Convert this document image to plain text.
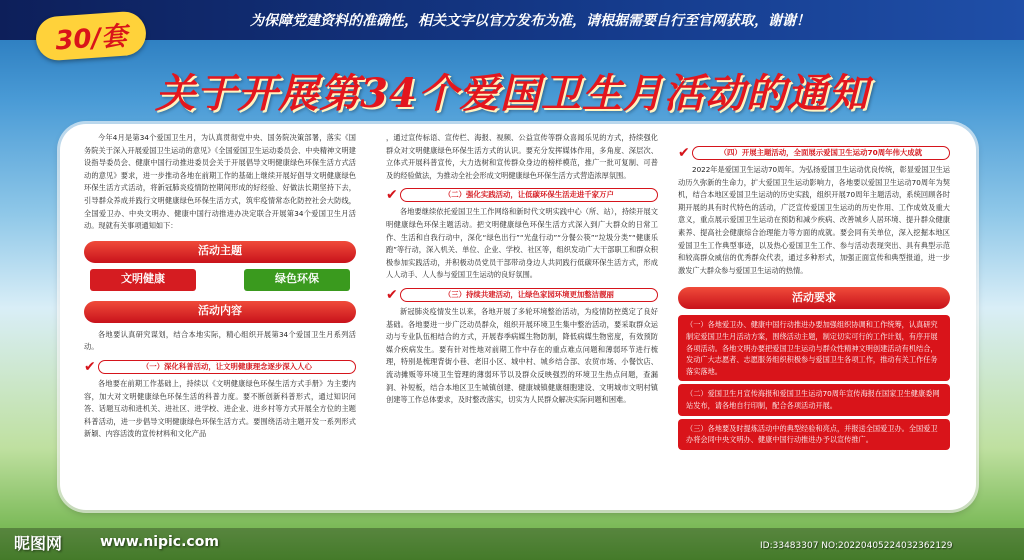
30/套
为保障党建资料的准确性，相关文字以官方发布为准，请根据需要自行至官网获取，谢谢！
关于开展第34个爱国卫生月活动的通知

今年4月是第34个爱国卫生月，为认真贯彻党中央、国务院决策部署，落实《国务院关于深入开展爱国卫生运动的意见》《全国爱国卫生运动委员会、中央精神文明建设指导委员会、健康中国行动推进委员会关于开展倡导文明健康绿色环保生活方式活动的意见》要求，进一步推动各地在前期工作的基础上继续开展好倡导文明健康绿色环保生活方式活动，将新冠肺炎疫情防控期间形成的好经验、好做法长期坚持下去，引导群众养成并践行文明健康绿色环保生活方式，筑牢疫情常态化防控社会大防线，全国爱卫办、中央文明办、健康中国行动推进办决定联合开展第34个爱国卫生月活动。现就有关事项通知如下：

活动主题
文明健康	绿色环保
活动内容

各地要认真研究谋划，结合本地实际，精心组织开展第34个爱国卫生月系列活动。

✔	（一）深化科普活动，让文明健康理念逐步深入人心

各地要在前期工作基础上，持续以《文明健康绿色环保生活方式手册》为主要内容，加大对文明健康绿色环保生活的科普力度。要不断创新科普形式，通过知识问答、话题互动和进机关、进社区、进学校、进企业、进乡村等方式开展全方位的主题科普活动，进一步倡导文明健康绿色环保生活方式。要围绕活动主题开发一系列形式新颖、内容活泼的宣传材料和文化产品

，通过宣传标语、宣传栏、海报、视频、公益宣传等群众喜闻乐见的方式，持续强化群众对文明健康绿色环保生活方式的认识。要充分发挥媒体作用，多角度、深层次、立体式开展科普宣传，大力选树和宣传群众身边的榜样模范，推广一批可复制、可普及的经验做法，为推动全社会形成文明健康绿色环保生活方式营造浓厚氛围。

✔	（二）强化实践活动，让低碳环保生活走进千家万户

各地要继续依托爱国卫生工作网络和新时代文明实践中心（所、站），持续开展文明健康绿色环保主题活动。把文明健康绿色环保生活方式深入到广大群众的日常工作、生活和自我行动中，深化“绿色出行”“光盘行动”“分餐公筷”“垃圾分类”“健康乐跑”等行动，深入机关、单位、企业、学校、社区等，组织发动广大干部职工和群众积极参加实践活动，并积极动员党员干部带动身边人共同践行低碳环保生活方式，形成人人动手、人人参与爱国卫生运动的良好氛围。

✔	（三）持续共建活动，让绿色家园环境更加整洁靓丽

新冠肺炎疫情发生以来，各地开展了多轮环境整治活动，为疫情防控奠定了良好基础。各地要进一步广泛动员群众，组织开展环境卫生集中整治活动，要采取群众运动与专业队伍相结合的方式，开展春季病媒生物防制，降低病媒生物密度，有效预防媒介疾病发生。要有针对性地对前期工作中存在的重点难点问题和薄弱环节进行梳理，特别是梳理背街小巷、老旧小区、城中村、城乡结合部、农贸市场、小餐饮店、流动摊贩等环境卫生管理的薄弱环节以及群众反映强烈的环境卫生热点问题，查漏洞、补短板，结合本地区卫生城镇创建、健康城镇健康细胞建设、文明城市文明村镇创建等工作总体要求，及时整改落实，切实为人民群众解决实际问题和困难。

✔	（四）开展主题活动，全面展示爱国卫生运动70周年伟大成就

2022年是爱国卫生运动70周年。为弘扬爱国卫生运动优良传统，彰显爱国卫生运动历久弥新的生命力，扩大爱国卫生运动影响力，各地要以爱国卫生运动70周年为契机，结合本地区爱国卫生运动的历史实践，组织开展70周年主题活动，系统回顾各时期开展的具有时代特色的活动，广泛宣传爱国卫生运动的历史作用、工作成效及重大意义，重点展示爱国卫生运动在预防和减少疾病、改善城乡人居环境、提升群众健康素养、提高社会健康综合治理能力等方面的成就。要会同有关单位，深入挖掘本地区爱国卫生工作典型事迹，以及热心爱国卫生工作、参与活动表现突出、具有典型示范和较高群众威信的优秀群众代表，通过多种形式，加强正面宣传和典型报道，进一步激发广大群众参与爱国卫生运动的热情。

活动要求
（一）各地爱卫办、健康中国行动推进办要加强组织协调和工作统筹，认真研究制定爱国卫生月活动方案，围绕活动主题，制定切实可行的工作计划，有序开展各项活动。各地文明办要把爱国卫生运动与群众性精神文明创建活动有机结合，发动广大志愿者、志愿服务组织积极参与爱国卫生各项工作，推动有关工作任务落实落地。
（二）爱国卫生月宣传海报和爱国卫生运动70周年宣传海报在国家卫生健康委网站发布，请各地自行印制，配合各项活动开展。
（三）各地要及时提炼活动中的典型经验和亮点，并报送全国爱卫办。全国爱卫办将会同中央文明办、健康中国行动推进办予以宣传推广。
昵图网	www.nipic.com	ID:33483307 NO:20220405224032362129
